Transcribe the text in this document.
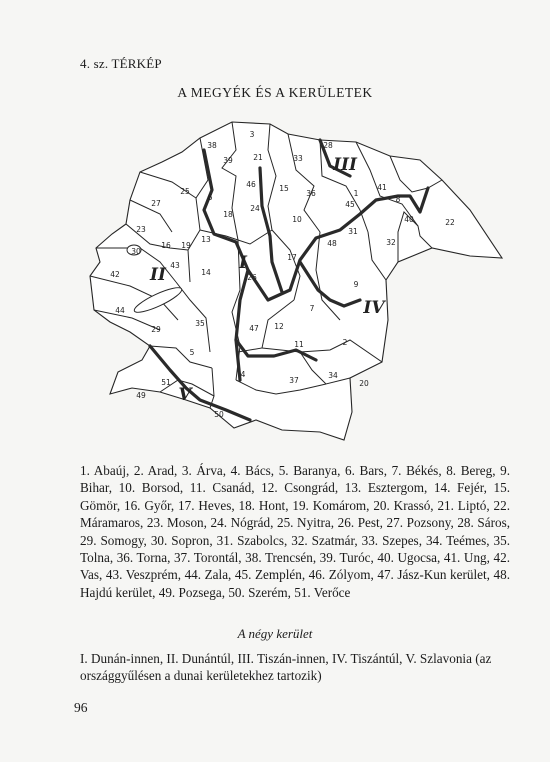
4. sz. TÉRKÉP
A MEGYÉK ÉS A KERÜLETEK
1
2
3
4
5
6
7
8
9
10
11
12
13
14
15
16
17
18
19
20
21
22
23
24
25
26
27
28
29
30
31
32
33
34
35
36
37
38
39
40
41
42
43
44
45
46
47
48
49
50
51
I
II
III
IV
V
1. Abaúj, 2. Arad, 3. Árva, 4. Bács, 5. Baranya, 6. Bars, 7. Békés, 8. Bereg, 9. Bihar, 10. Borsod, 11. Csanád, 12. Csongrád, 13. Esztergom, 14. Fejér, 15. Gömör, 16. Győr, 17. Heves, 18. Hont, 19. Komárom, 20. Krassó, 21. Liptó, 22. Máramaros, 23. Moson, 24. Nógrád, 25. Nyitra, 26. Pest, 27. Pozsony, 28. Sáros, 29. Somogy, 30. Sopron, 31. Szabolcs, 32. Szatmár, 33. Szepes, 34. Teémes, 35. Tolna, 36. Torna, 37. Torontál, 38. Trencsén, 39. Turóc, 40. Ugocsa, 41. Ung, 42. Vas, 43. Veszprém, 44. Zala, 45. Zemplén, 46. Zólyom, 47. Jász-Kun kerület, 48. Hajdú kerület, 49. Pozsega, 50. Szerém, 51. Verőce
A négy kerület
I. Dunán-innen, II. Dunántúl, III. Tiszán-innen, IV. Tiszántúl, V. Szlavonia (az országgyűlésen a dunai kerületekhez tartozik)
96
